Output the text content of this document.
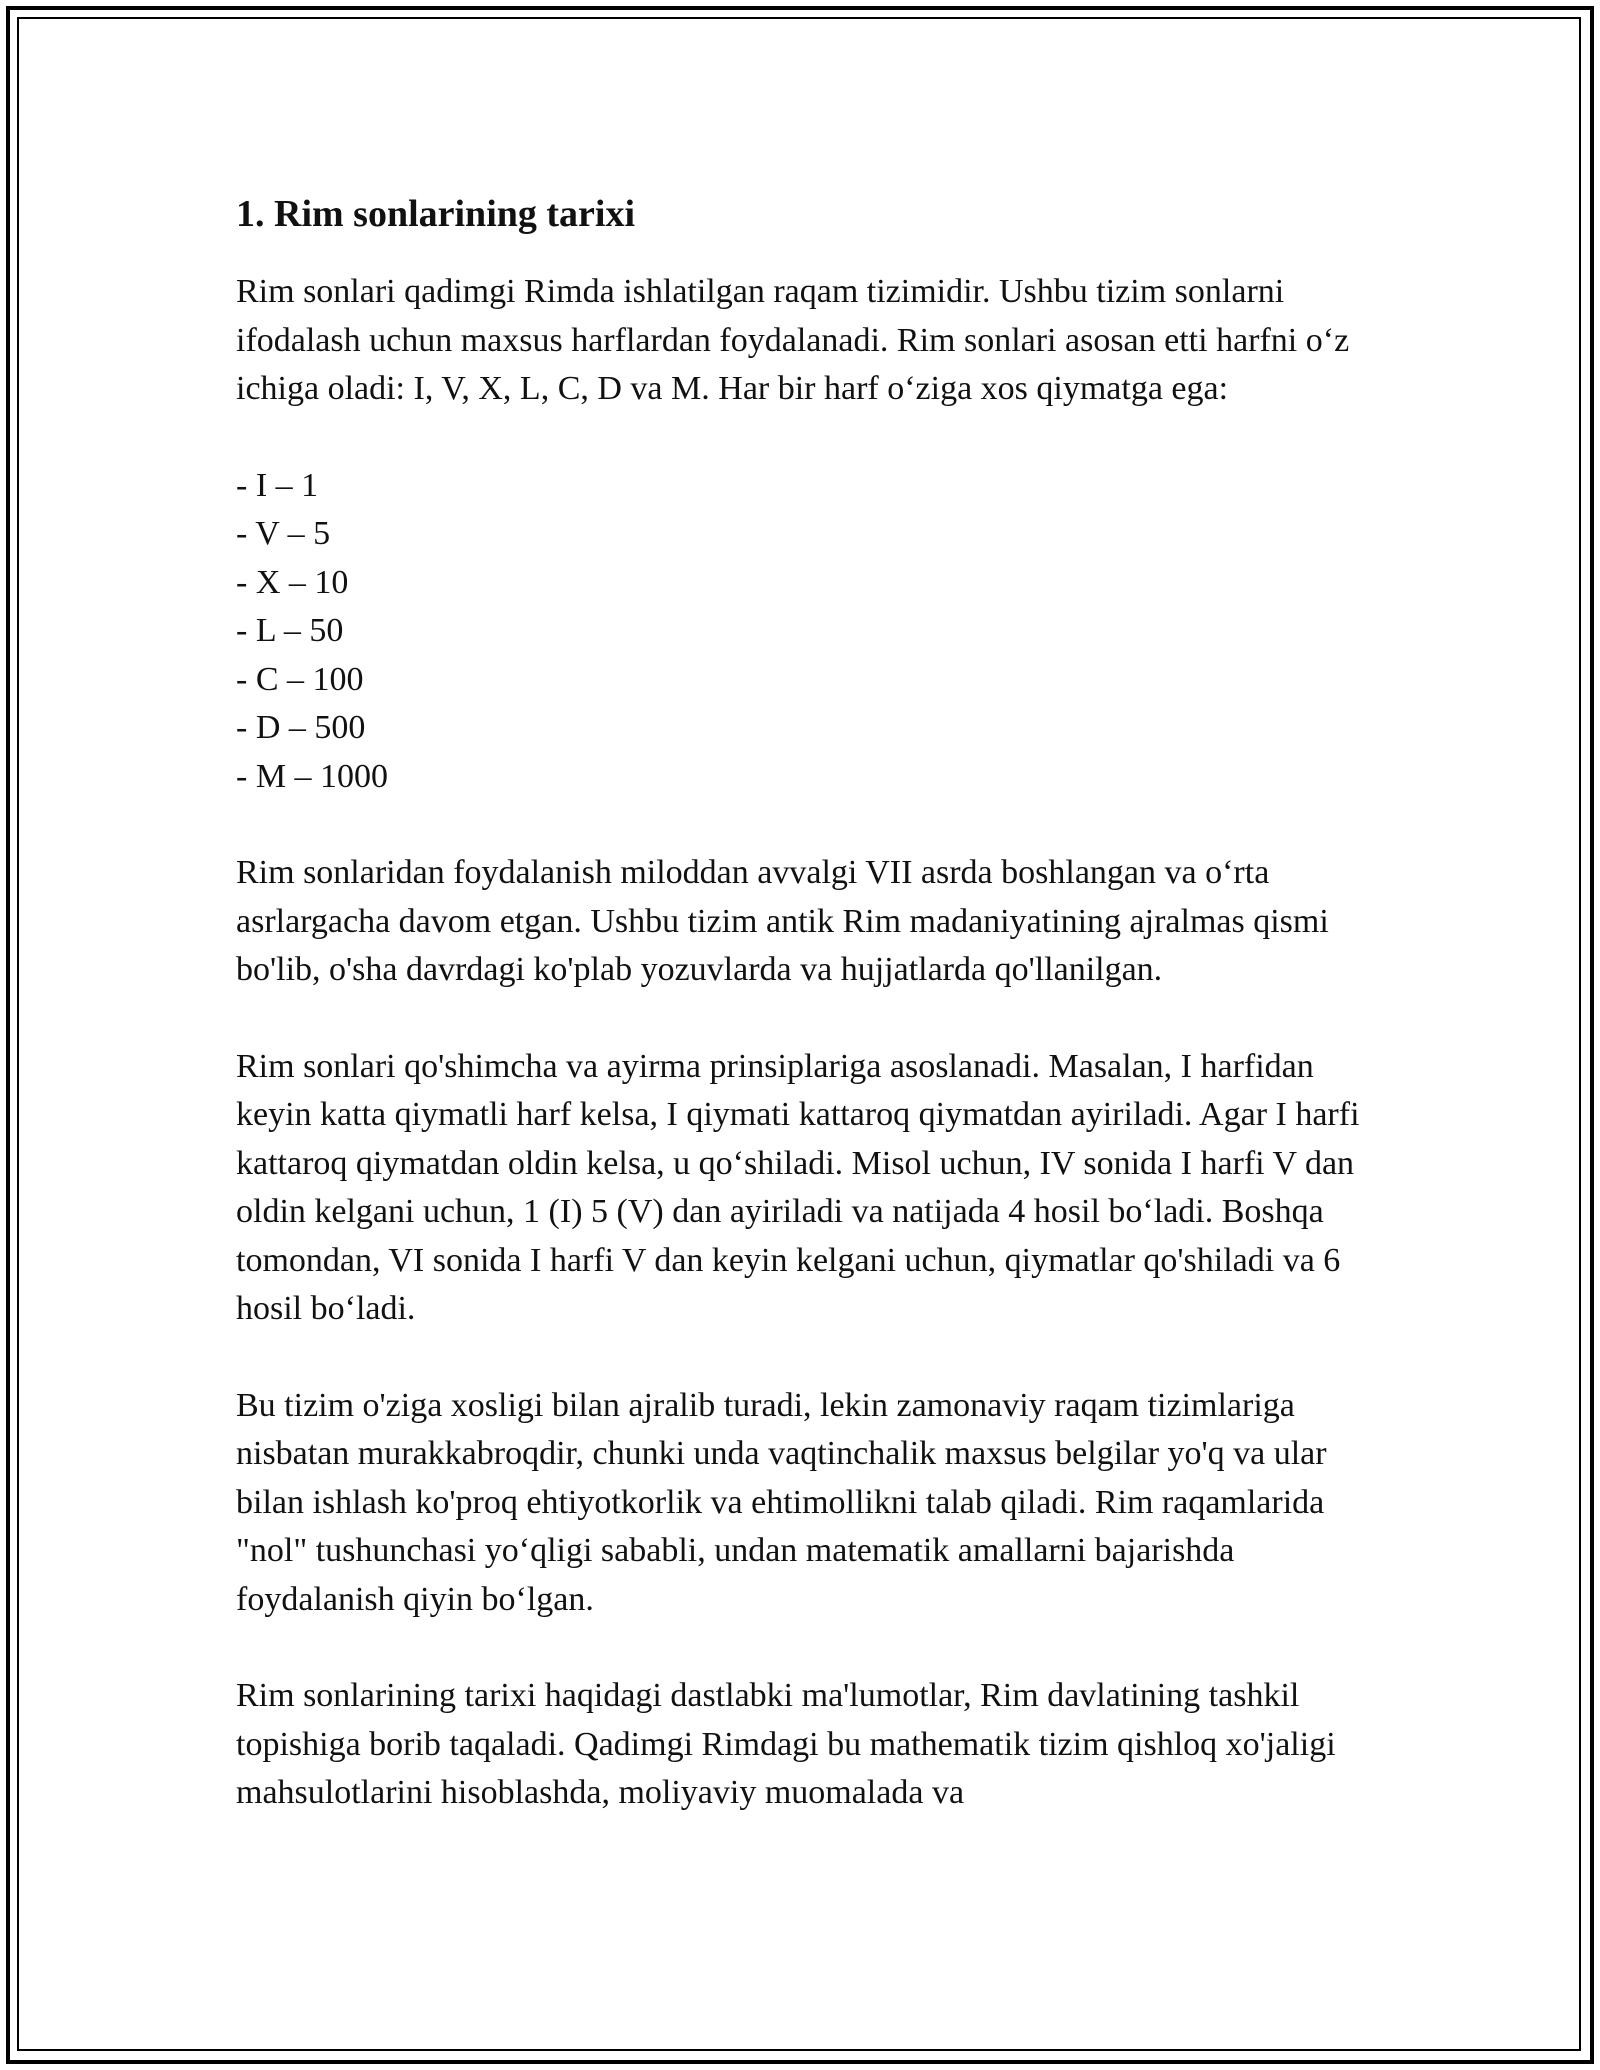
1. Rim sonlarining tarixi

Rim sonlari qadimgi Rimda ishlatilgan raqam tizimidir. Ushbu tizim sonlarni ifodalash uchun maxsus harflardan foydalanadi. Rim sonlari asosan etti harfni o‘z ichiga oladi: I, V, X, L, C, D va M. Har bir harf o‘ziga xos qiymatga ega:

- I – 1
- V – 5
- X – 10
- L – 50
- C – 100
- D – 500
- M – 1000

Rim sonlaridan foydalanish miloddan avvalgi VII asrda boshlangan va o‘rta asrlargacha davom etgan. Ushbu tizim antik Rim madaniyatining ajralmas qismi bo'lib, o'sha davrdagi ko'plab yozuvlarda va hujjatlarda qo'llanilgan.

Rim sonlari qo'shimcha va ayirma prinsiplariga asoslanadi. Masalan, I harfidan keyin katta qiymatli harf kelsa, I qiymati kattaroq qiymatdan ayiriladi. Agar I harfi kattaroq qiymatdan oldin kelsa, u qo‘shiladi. Misol uchun, IV sonida I harfi V dan oldin kelgani uchun, 1 (I) 5 (V) dan ayiriladi va natijada 4 hosil bo‘ladi. Boshqa tomondan, VI sonida I harfi V dan keyin kelgani uchun, qiymatlar qo'shiladi va 6 hosil bo‘ladi.

Bu tizim o'ziga xosligi bilan ajralib turadi, lekin zamonaviy raqam tizimlariga nisbatan murakkabroqdir, chunki unda vaqtinchalik maxsus belgilar yo'q va ular bilan ishlash ko'proq ehtiyotkorlik va ehtimollikni talab qiladi. Rim raqamlarida "nol" tushunchasi yo‘qligi sababli, undan matematik amallarni bajarishda foydalanish qiyin bo‘lgan.

Rim sonlarining tarixi haqidagi dastlabki ma'lumotlar, Rim davlatining tashkil topishiga borib taqaladi. Qadimgi Rimdagi bu mathematik tizim qishloq xo'jaligi mahsulotlarini hisoblashda, moliyaviy muomalada va
